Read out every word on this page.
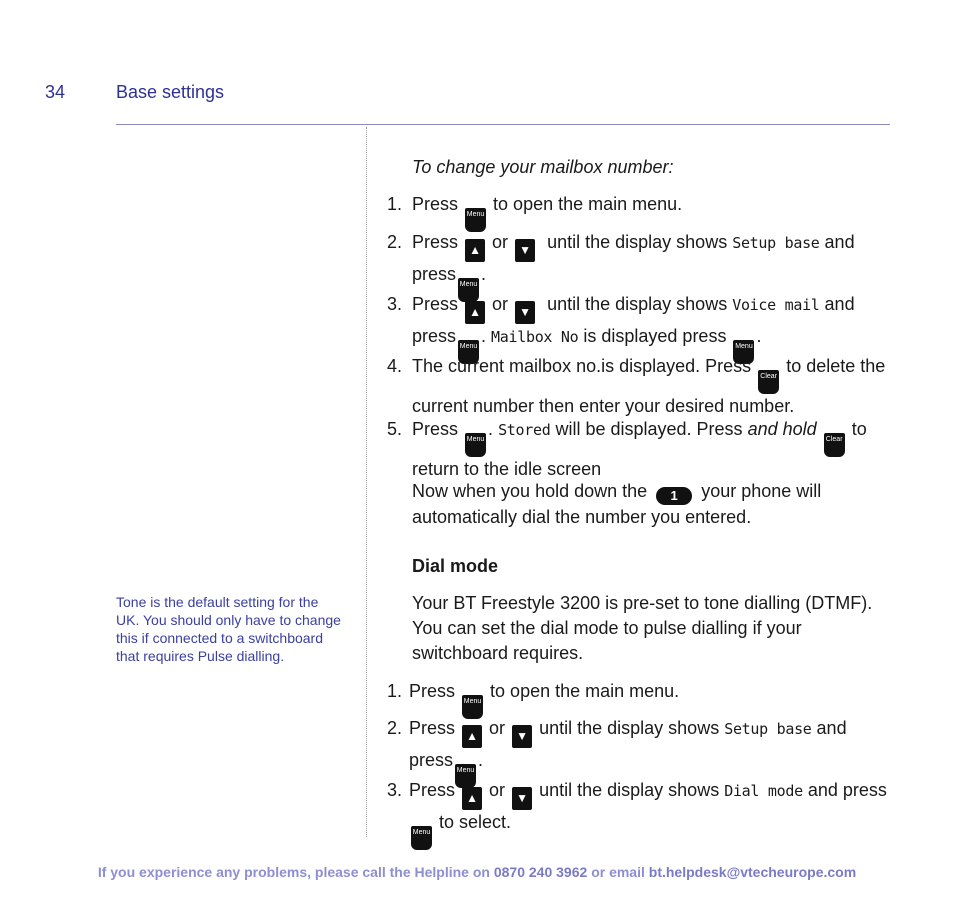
34	Base settings
Tone is the default setting for the UK. You should only have to change this if connected to a switchboard that requires Pulse dialling.
To change your mailbox number:
1. Press
Menu
to open the main menu.
2. Press ▲ or ▼ until the display shows Setup base and press
Menu
.
3. Press ▲ or ▼ until the display shows Voice mail and press
Menu
. Mailbox No is displayed press
Menu
.
4. The current mailbox no.is displayed. Press
Clear
to delete the current number then enter your desired number.
5. Press
Menu
. Stored will be displayed. Press and hold
Clear
to return to the idle screen
Now when you hold down the 1 your phone will automatically dial the number you entered.
Dial mode
Your BT Freestyle 3200 is pre-set to tone dialling (DTMF). You can set the dial mode to pulse dialling if your switchboard requires.
1. Press
Menu
to open the main menu.
2. Press ▲ or ▼ until the display shows Setup base and press
Menu
.
3. Press ▲ or ▼ until the display shows Dial mode and press
Menu
to select.
If you experience any problems, please call the Helpline on 0870 240 3962 or email bt.helpdesk@vtecheurope.com
